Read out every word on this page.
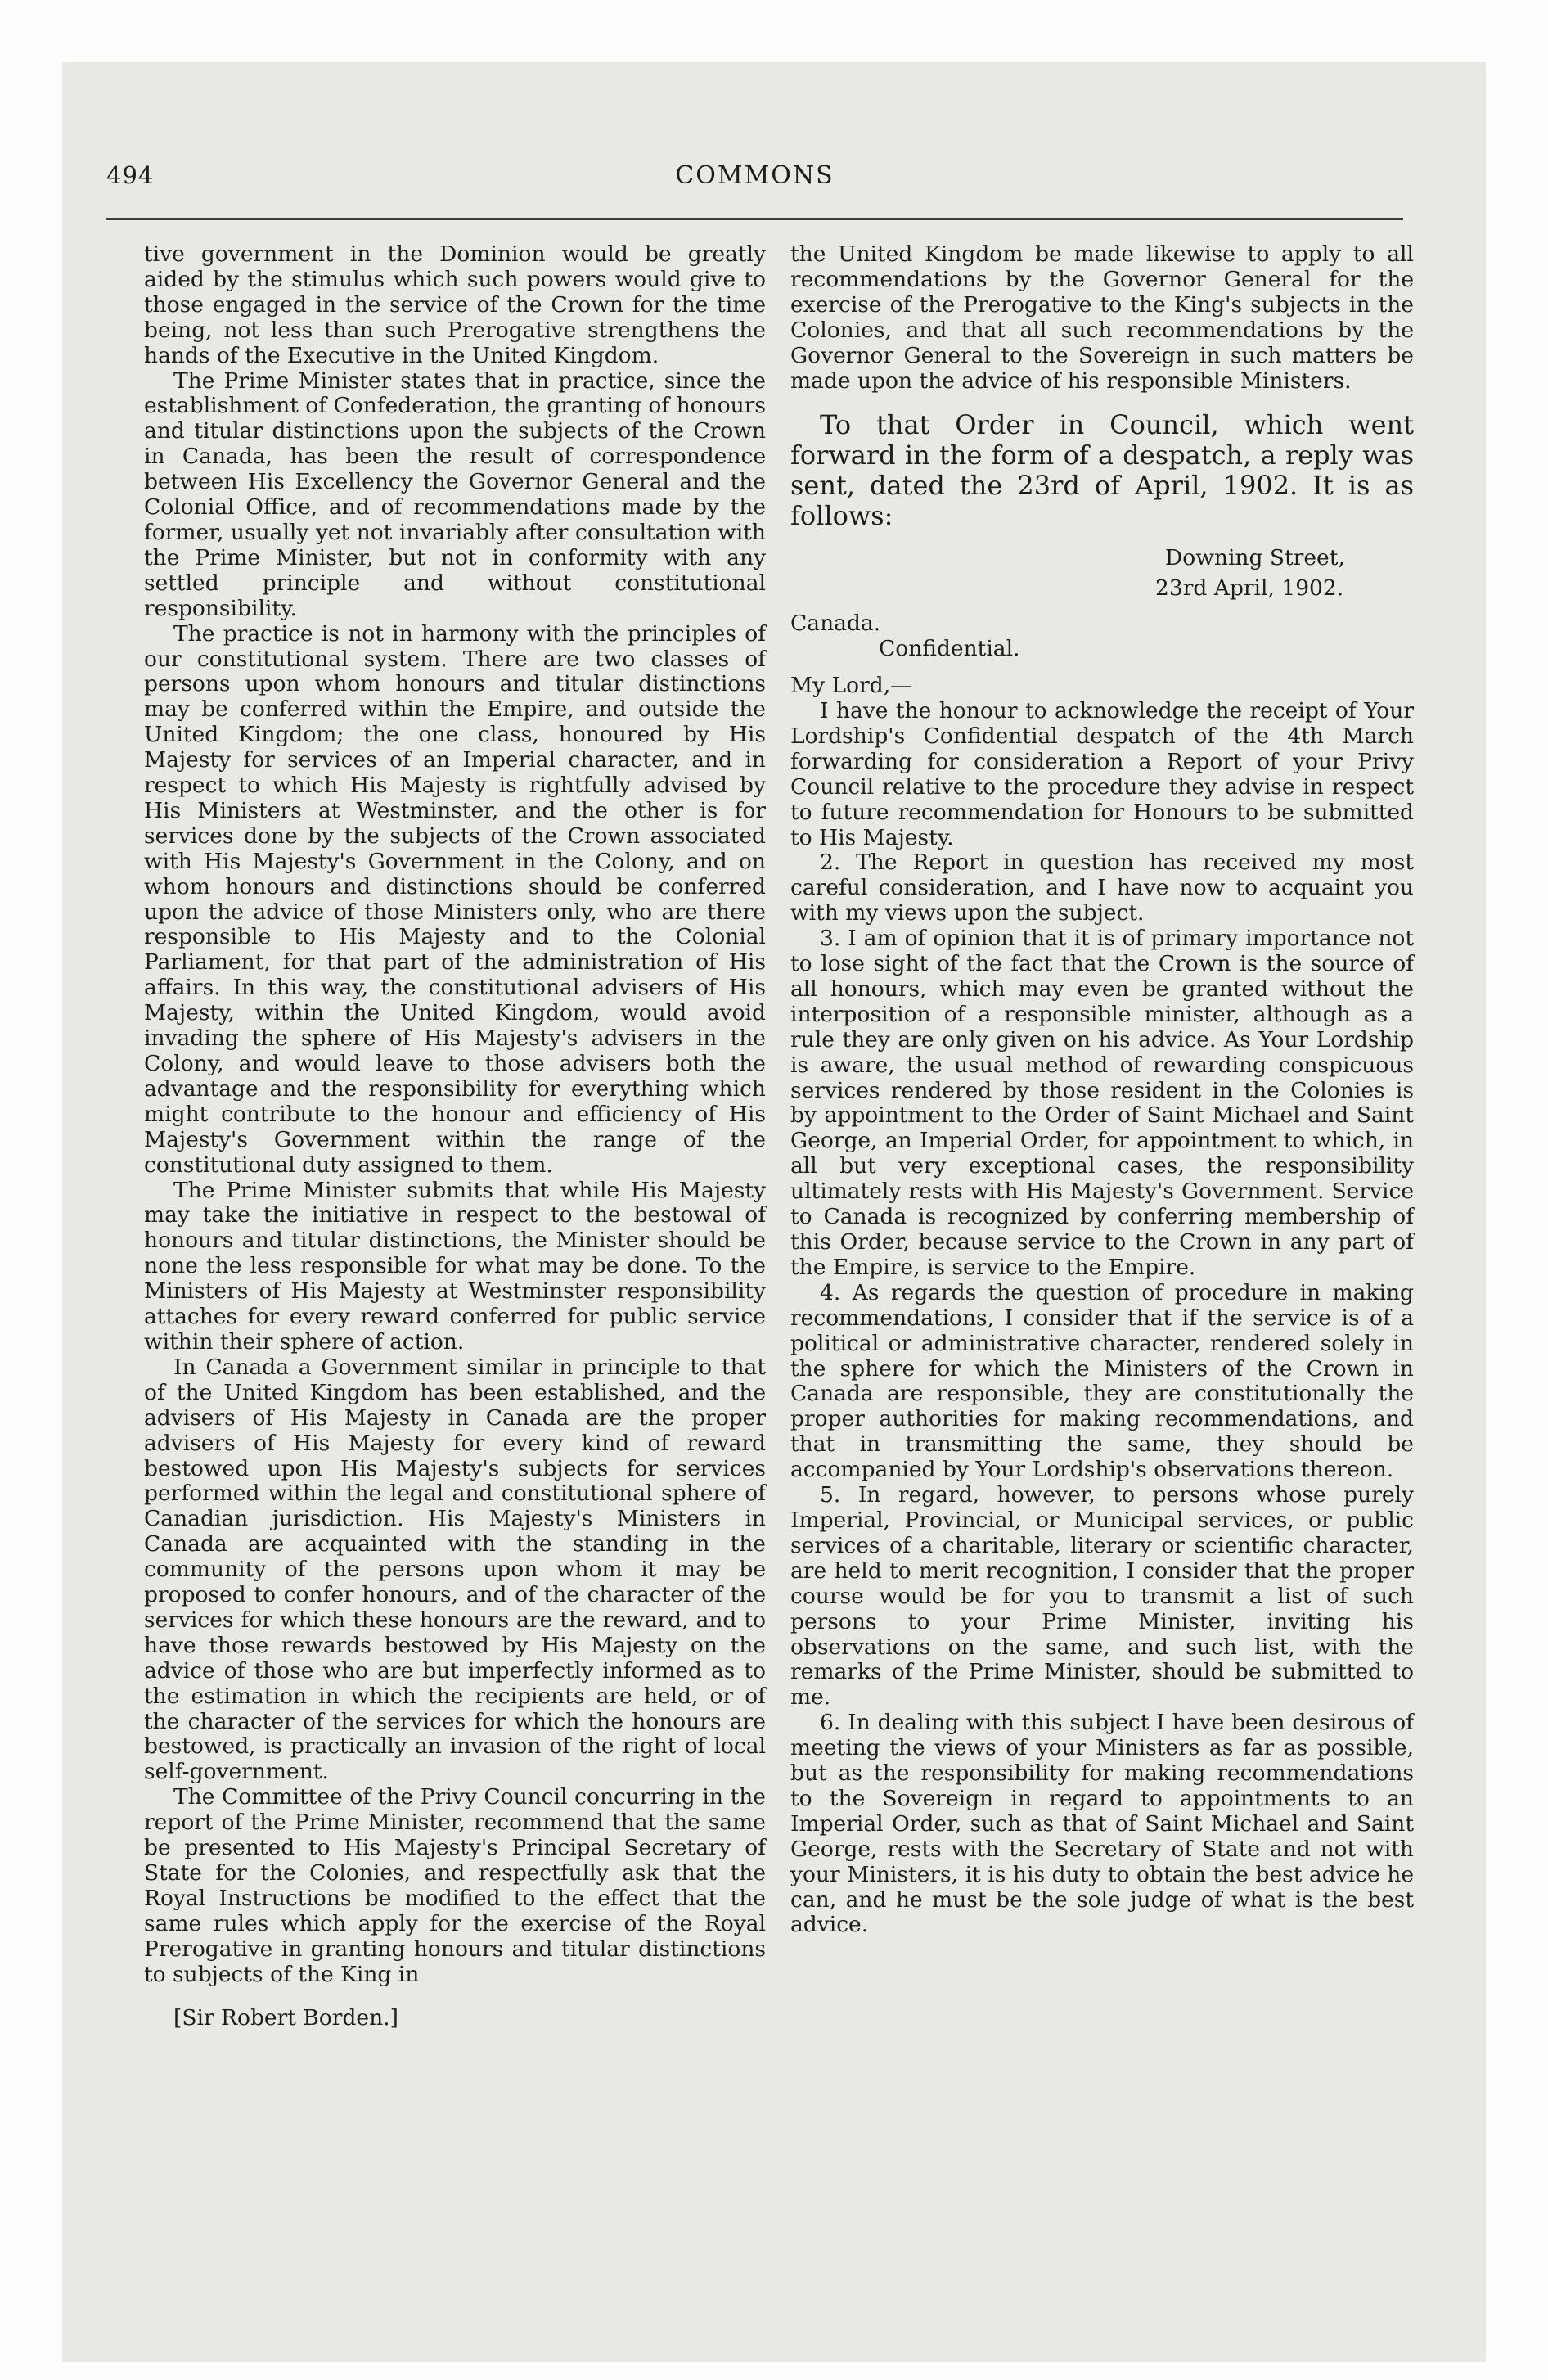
494	COMMONS

tive government in the Dominion would be greatly aided by the stimulus which such powers would give to those engaged in the service of the Crown for the time being, not less than such Prerogative strengthens the hands of the Executive in the United Kingdom.

The Prime Minister states that in practice, since the establishment of Confederation, the granting of honours and titular distinctions upon the subjects of the Crown in Canada, has been the result of correspondence between His Excellency the Governor General and the Colonial Office, and of recommendations made by the former, usually yet not invariably after consultation with the Prime Minister, but not in conformity with any settled principle and without constitutional responsibility.

The practice is not in harmony with the principles of our constitutional system. There are two classes of persons upon whom honours and titular distinctions may be conferred within the Empire, and outside the United Kingdom; the one class, honoured by His Majesty for services of an Imperial character, and in respect to which His Majesty is rightfully advised by His Ministers at Westminster, and the other is for services done by the subjects of the Crown associated with His Majesty's Government in the Colony, and on whom honours and distinctions should be conferred upon the advice of those Ministers only, who are there responsible to His Majesty and to the Colonial Parliament, for that part of the administration of His affairs. In this way, the constitutional advisers of His Majesty, within the United Kingdom, would avoid invading the sphere of His Majesty's advisers in the Colony, and would leave to those advisers both the advantage and the responsibility for everything which might contribute to the honour and efficiency of His Majesty's Government within the range of the constitutional duty assigned to them.

The Prime Minister submits that while His Majesty may take the initiative in respect to the bestowal of honours and titular distinctions, the Minister should be none the less responsible for what may be done. To the Ministers of His Majesty at Westminster responsibility attaches for every reward conferred for public service within their sphere of action.

In Canada a Government similar in principle to that of the United Kingdom has been established, and the advisers of His Majesty in Canada are the proper advisers of His Majesty for every kind of reward bestowed upon His Majesty's subjects for services performed within the legal and constitutional sphere of Canadian jurisdiction. His Majesty's Ministers in Canada are acquainted with the standing in the community of the persons upon whom it may be proposed to confer honours, and of the character of the services for which these honours are the reward, and to have those rewards bestowed by His Majesty on the advice of those who are but imperfectly informed as to the estimation in which the recipients are held, or of the character of the services for which the honours are bestowed, is practically an invasion of the right of local self-government.

The Committee of the Privy Council concurring in the report of the Prime Minister, recommend that the same be presented to His Majesty's Principal Secretary of State for the Colonies, and respectfully ask that the Royal Instructions be modified to the effect that the same rules which apply for the exercise of the Royal Prerogative in granting honours and titular distinctions to subjects of the King in

[Sir Robert Borden.]

the United Kingdom be made likewise to apply to all recommendations by the Governor General for the exercise of the Prerogative to the King's subjects in the Colonies, and that all such recommendations by the Governor General to the Sovereign in such matters be made upon the advice of his responsible Ministers.

To that Order in Council, which went forward in the form of a despatch, a reply was sent, dated the 23rd of April, 1902. It is as follows:

Downing Street,

23rd April, 1902.

Canada.

Confidential.

My Lord,—

I have the honour to acknowledge the receipt of Your Lordship's Confidential despatch of the 4th March forwarding for consideration a Report of your Privy Council relative to the procedure they advise in respect to future recommendation for Honours to be submitted to His Majesty.

2. The Report in question has received my most careful consideration, and I have now to acquaint you with my views upon the subject.

3. I am of opinion that it is of primary importance not to lose sight of the fact that the Crown is the source of all honours, which may even be granted without the interposition of a responsible minister, although as a rule they are only given on his advice. As Your Lordship is aware, the usual method of rewarding conspicuous services rendered by those resident in the Colonies is by appointment to the Order of Saint Michael and Saint George, an Imperial Order, for appointment to which, in all but very exceptional cases, the responsibility ultimately rests with His Majesty's Government. Service to Canada is recognized by conferring membership of this Order, because service to the Crown in any part of the Empire, is service to the Empire.

4. As regards the question of procedure in making recommendations, I consider that if the service is of a political or administrative character, rendered solely in the sphere for which the Ministers of the Crown in Canada are responsible, they are constitutionally the proper authorities for making recommendations, and that in transmitting the same, they should be accompanied by Your Lordship's observations thereon.

5. In regard, however, to persons whose purely Imperial, Provincial, or Municipal services, or public services of a charitable, literary or scientific character, are held to merit recognition, I consider that the proper course would be for you to transmit a list of such persons to your Prime Minister, inviting his observations on the same, and such list, with the remarks of the Prime Minister, should be submitted to me.

6. In dealing with this subject I have been desirous of meeting the views of your Ministers as far as possible, but as the responsibility for making recommendations to the Sovereign in regard to appointments to an Imperial Order, such as that of Saint Michael and Saint George, rests with the Secretary of State and not with your Ministers, it is his duty to obtain the best advice he can, and he must be the sole judge of what is the best advice.
